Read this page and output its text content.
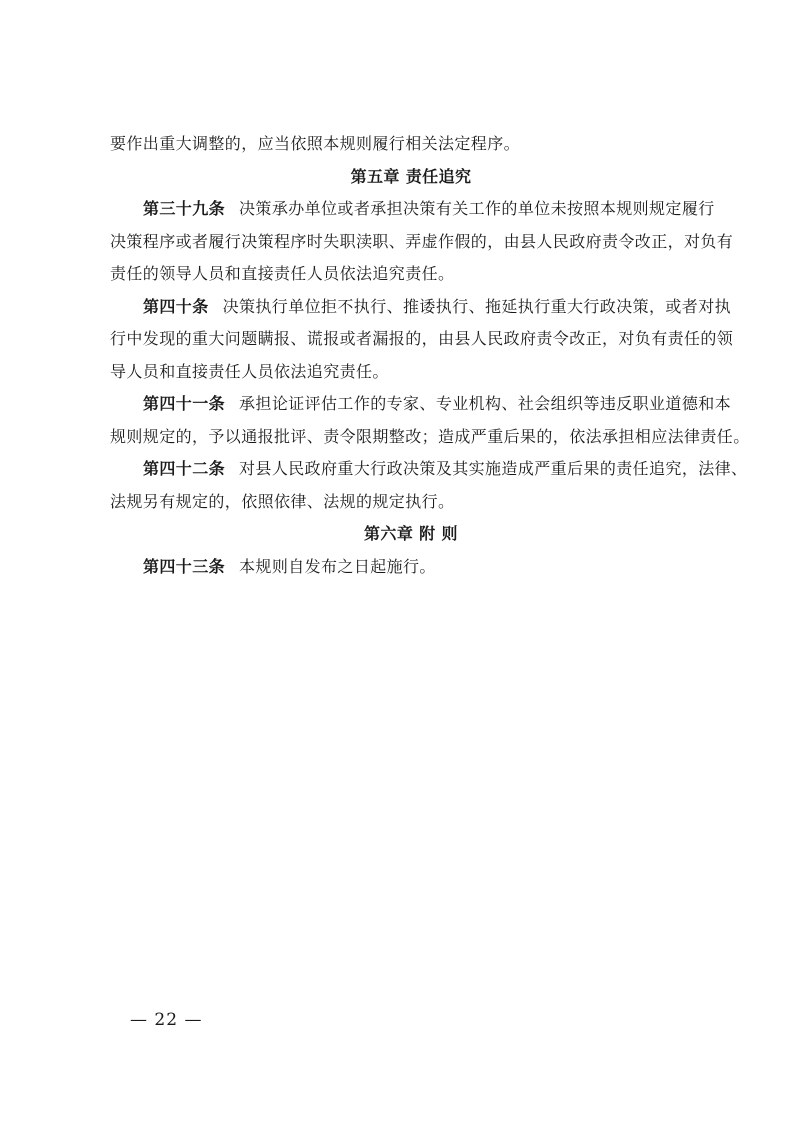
要作出重大调整的，应当依照本规则履行相关法定程序。
第五章 责任追究
第三十九条 决策承办单位或者承担决策有关工作的单位未按照本规则规定履行
决策程序或者履行决策程序时失职渎职、弄虚作假的，由县人民政府责令改正，对负有
责任的领导人员和直接责任人员依法追究责任。
第四十条 决策执行单位拒不执行、推诿执行、拖延执行重大行政决策，或者对执
行中发现的重大问题瞒报、谎报或者漏报的，由县人民政府责令改正，对负有责任的领
导人员和直接责任人员依法追究责任。
第四十一条 承担论证评估工作的专家、专业机构、社会组织等违反职业道德和本
规则规定的，予以通报批评、责令限期整改；造成严重后果的，依法承担相应法律责任。
第四十二条 对县人民政府重大行政决策及其实施造成严重后果的责任追究，法律、
法规另有规定的，依照依律、法规的规定执行。
第六章 附 则
第四十三条 本规则自发布之日起施行。
— 22 —
